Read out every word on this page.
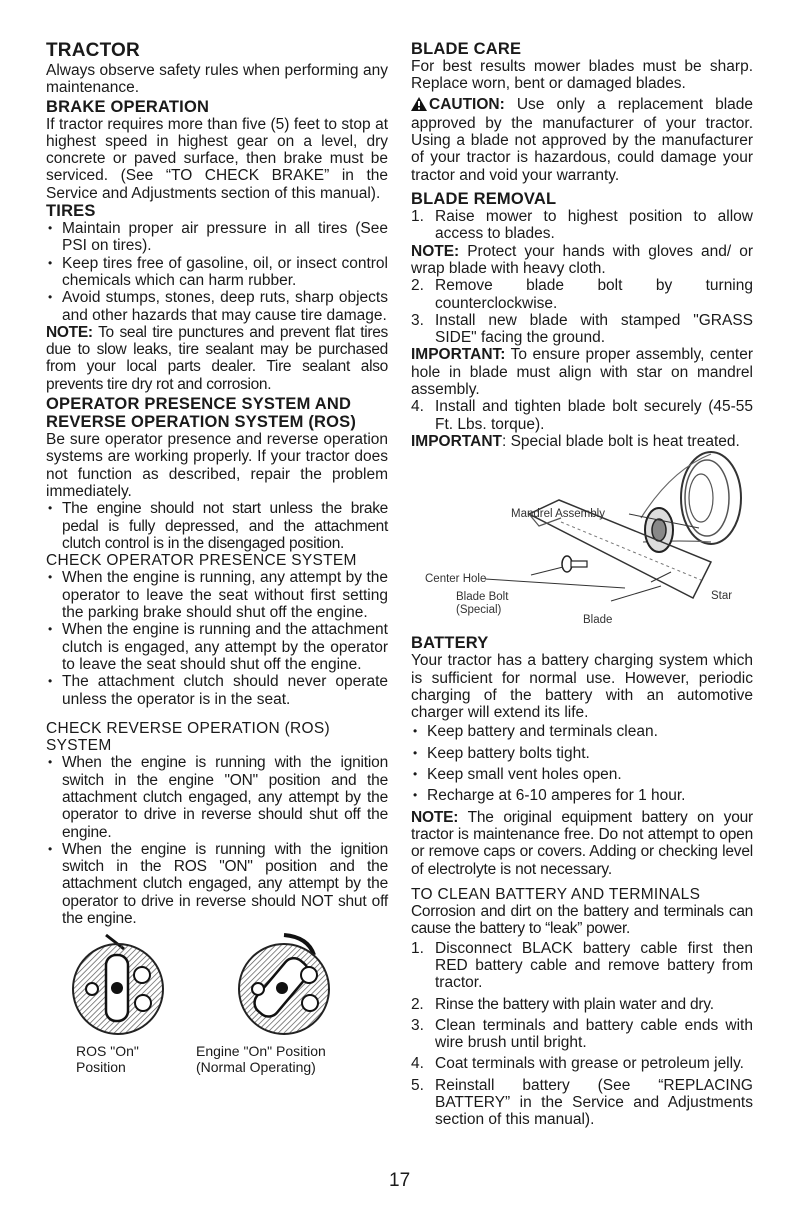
TRACTOR

Always observe safety rules when performing any maintenance.

BRAKE OPERATION

If tractor requires more than five (5) feet to stop at highest speed in highest gear on a level, dry concrete or paved surface, then brake must be serviced. (See “TO CHECK BRAKE” in the Service and Adjustments section of this manual).

TIRES
• Maintain proper air pressure in all tires (See PSI on tires).
• Keep tires free of gasoline, oil, or insect control chemicals which can harm rubber.
• Avoid stumps, stones, deep ruts, sharp objects and other hazards that may cause tire damage.

NOTE: To seal tire punctures and prevent flat tires due to slow leaks, tire sealant may be purchased from your local parts dealer. Tire sealant also prevents tire dry rot and corrosion.

OPERATOR PRESENCE SYSTEM AND REVERSE OPERATION SYSTEM (ROS)

Be sure operator presence and reverse operation systems are working properly. If your tractor does not function as described, repair the problem immediately.

• The engine should not start unless the brake pedal is fully depressed, and the attachment clutch control is in the disengaged position.
CHECK OPERATOR PRESENCE SYSTEM
• When the engine is running, any attempt by the operator to leave the seat without first setting the parking brake should shut off the engine.
• When the engine is running and the attachment clutch is engaged, any attempt by the operator to leave the seat should shut off the engine.
• The attachment clutch should never operate unless the operator is in the seat.
CHECK REVERSE OPERATION (ROS) SYSTEM
• When the engine is running with the ignition switch in the engine "ON" position and the attachment clutch engaged, any attempt by the operator to drive in reverse should shut off the engine.
• When the engine is running with the ignition switch in the ROS "ON" position and the attachment clutch engaged, any attempt by the operator to drive in reverse should NOT shut off the engine.
ROS "On"
Position
Engine "On" Position
(Normal Operating)
17
BLADE CARE

For best results mower blades must be sharp. Replace worn, bent or damaged blades.

CAUTION: Use only a replacement blade approved by the manufacturer of your tractor. Using a blade not approved by the manufacturer of your tractor is hazardous, could damage your tractor and void your warranty.

BLADE REMOVAL
1. Raise mower to highest position to allow access to blades.

NOTE: Protect your hands with gloves and/ or wrap blade with heavy cloth.

2. Remove blade bolt by turning counterclockwise.
3. Install new blade with stamped "GRASS SIDE" facing the ground.

IMPORTANT: To ensure proper assembly, center hole in blade must align with star on mandrel assembly.

4. Install and tighten blade bolt securely (45-55 Ft. Lbs. torque).

IMPORTANT: Special blade bolt is heat treated.

Mandrel Assembly
Center Hole
Blade Bolt
(Special)
Blade
Star
BATTERY

Your tractor has a battery charging system which is sufficient for normal use. However, periodic charging of the battery with an automotive charger will extend its life.

• Keep battery and terminals clean.
• Keep battery bolts tight.
• Keep small vent holes open.
• Recharge at 6-10 amperes for 1 hour.

NOTE: The original equipment battery on your tractor is maintenance free. Do not attempt to open or remove caps or covers. Adding or checking level of electrolyte is not necessary.

TO CLEAN BATTERY AND TERMINALS

Corrosion and dirt on the battery and terminals can cause the battery to “leak” power.

1. Disconnect BLACK battery cable first then RED battery cable and remove battery from tractor.
2. Rinse the battery with plain water and dry.
3. Clean terminals and battery cable ends with wire brush until bright.
4. Coat terminals with grease or petroleum jelly.
5. Reinstall battery (See “REPLACING BATTERY” in the Service and Adjustments section of this manual).
